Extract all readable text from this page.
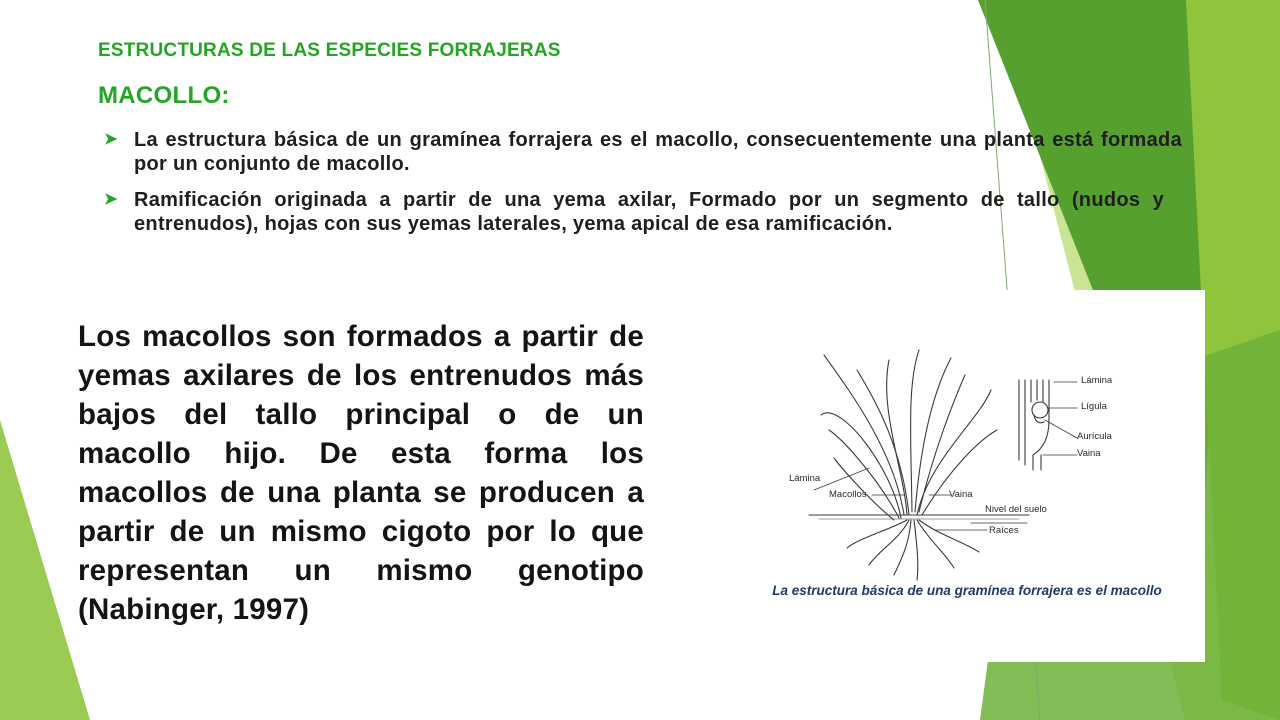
ESTRUCTURAS DE LAS ESPECIES FORRAJERAS
MACOLLO:
➤ La estructura básica de un gramínea forrajera es el macollo, consecuentemente una planta está formada por un conjunto de macollo.
➤ Ramificación originada a partir de una yema axilar, Formado por un segmento de tallo (nudos y entrenudos), hojas con sus yemas laterales, yema apical de esa ramificación.

Los macollos son formados a partir de yemas axilares de los entrenudos más bajos del tallo principal o de un macollo hijo. De esta forma los macollos de una planta se producen a partir de un mismo cigoto por lo que representan un mismo genotipo (Nabinger, 1997)

Lámina
Macollos	Vaina
Nivel del suelo
Raíces
Lámina
Lígula
Aurícula
Vaina

La estructura básica de una gramínea forrajera es el macollo
